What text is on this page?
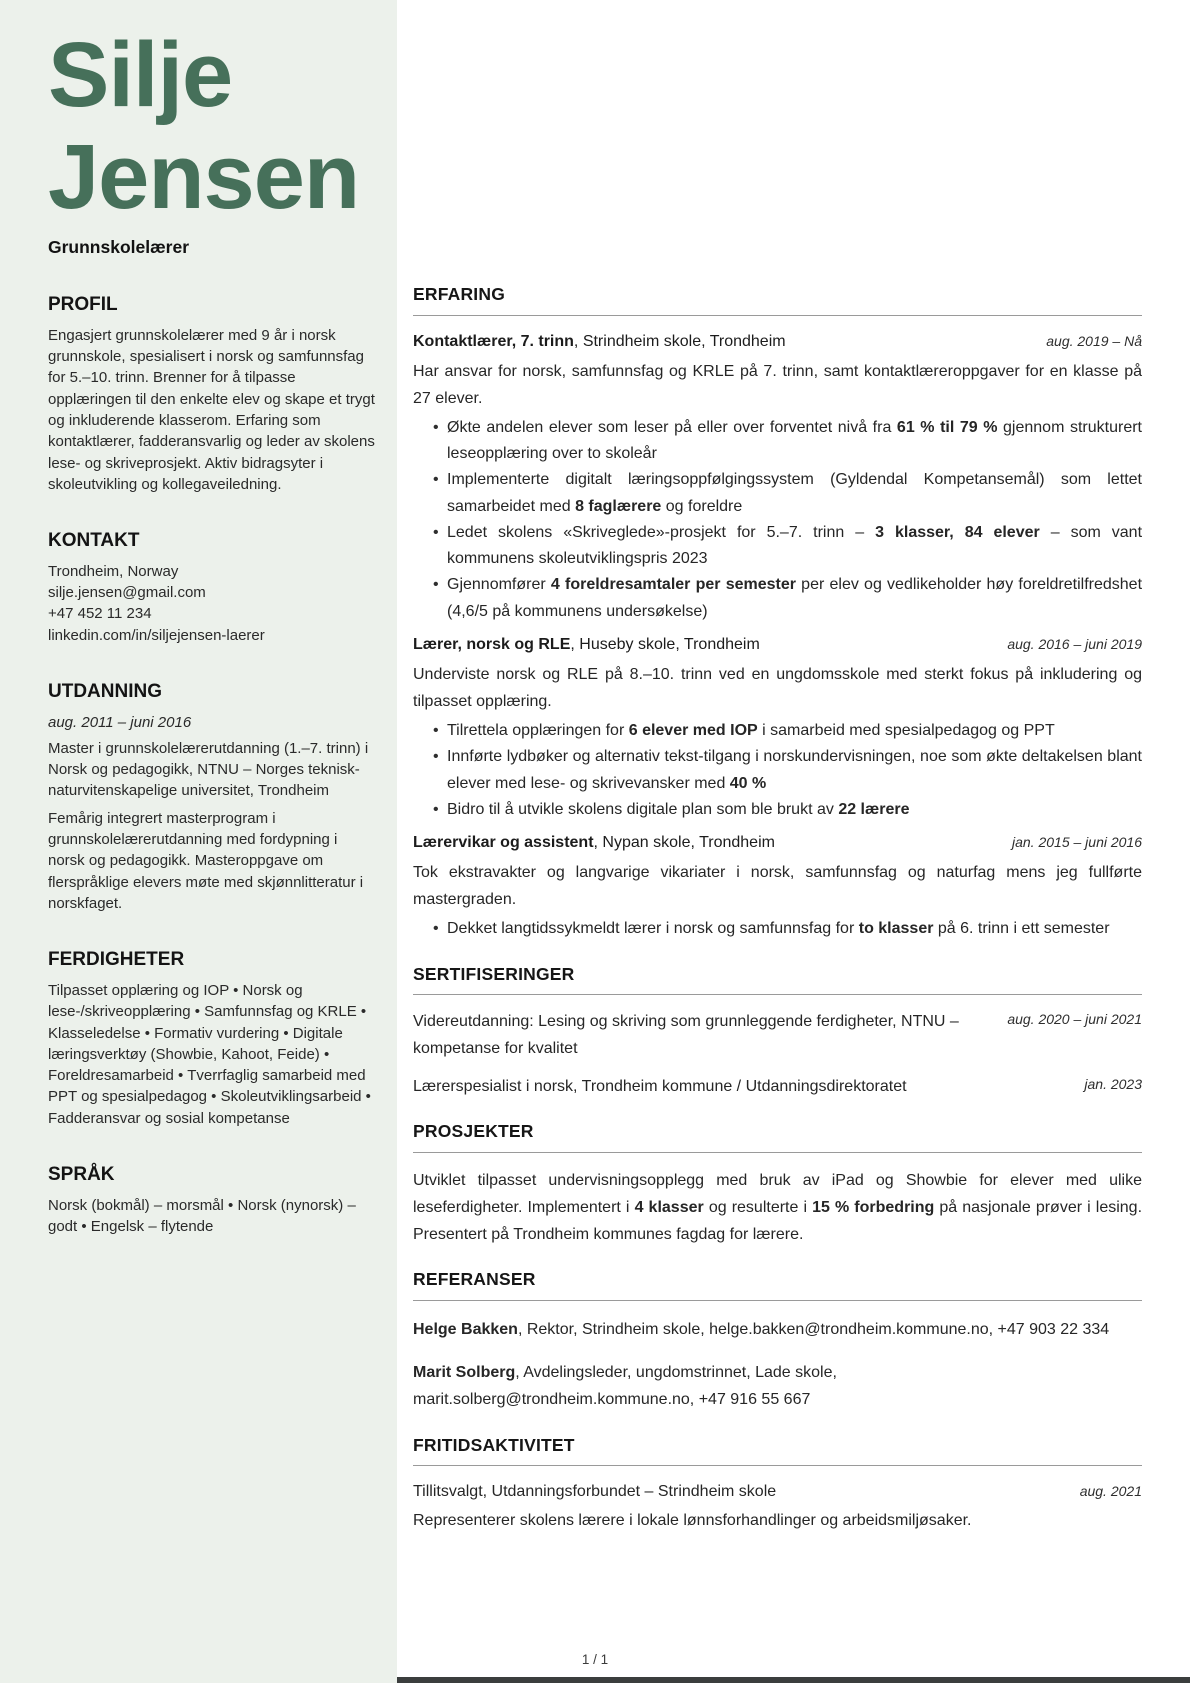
Silje
Jensen

Grunnskolelærer

PROFIL

Engasjert grunnskolelærer med 9 år i norsk grunnskole, spesialisert i norsk og samfunnsfag for 5.–10. trinn. Brenner for å tilpasse opplæringen til den enkelte elev og skape et trygt og inkluderende klasserom. Erfaring som kontaktlærer, fadderansvarlig og leder av skolens lese- og skriveprosjekt. Aktiv bidragsyter i skoleutvikling og kollegaveiledning.

KONTAKT

Trondheim, Norway

silje.jensen@gmail.com

+47 452 11 234

linkedin.com/in/siljejensen-laerer

UTDANNING

aug. 2011 – juni 2016

Master i grunnskolelærerutdanning (1.–7. trinn) i Norsk og pedagogikk, NTNU – Norges teknisk-naturvitenskapelige universitet, Trondheim

Femårig integrert masterprogram i grunnskolelærerutdanning med fordypning i norsk og pedagogikk. Masteroppgave om flerspråklige elevers møte med skjønnlitteratur i norskfaget.

FERDIGHETER

Tilpasset opplæring og IOP • Norsk og lese-/skriveopplæring • Samfunnsfag og KRLE • Klasseledelse • Formativ vurdering • Digitale læringsverktøy (Showbie, Kahoot, Feide) • Foreldresamarbeid • Tverrfaglig samarbeid med PPT og spesialpedagog • Skoleutviklingsarbeid • Fadderansvar og sosial kompetanse

SPRÅK

Norsk (bokmål) – morsmål • Norsk (nynorsk) – godt • Engelsk – flytende

ERFARING
Kontaktlærer, 7. trinn, Strindheim skole, Trondheim	aug. 2019 – Nå

Har ansvar for norsk, samfunnsfag og KRLE på 7. trinn, samt kontaktlæreroppgaver for en klasse på 27 elever.

• Økte andelen elever som leser på eller over forventet nivå fra 61 % til 79 % gjennom strukturert leseopplæring over to skoleår
• Implementerte digitalt læringsoppfølgingssystem (Gyldendal Kompetansemål) som lettet samarbeidet med 8 faglærere og foreldre
• Ledet skolens «Skriveglede»-prosjekt for 5.–7. trinn – 3 klasser, 84 elever – som vant kommunens skoleutviklingspris 2023
• Gjennomfører 4 foreldresamtaler per semester per elev og vedlikeholder høy foreldretilfredshet (4,6/5 på kommunens undersøkelse)
Lærer, norsk og RLE, Huseby skole, Trondheim	aug. 2016 – juni 2019

Underviste norsk og RLE på 8.–10. trinn ved en ungdomsskole med sterkt fokus på inkludering og tilpasset opplæring.

• Tilrettela opplæringen for 6 elever med IOP i samarbeid med spesialpedagog og PPT
• Innførte lydbøker og alternativ tekst-tilgang i norskundervisningen, noe som økte deltakelsen blant elever med lese- og skrivevansker med 40 %
• Bidro til å utvikle skolens digitale plan som ble brukt av 22 lærere
Lærervikar og assistent, Nypan skole, Trondheim	jan. 2015 – juni 2016

Tok ekstravakter og langvarige vikariater i norsk, samfunnsfag og naturfag mens jeg fullførte mastergraden.

• Dekket langtidssykmeldt lærer i norsk og samfunnsfag for to klasser på 6. trinn i ett semester
SERTIFISERINGER
Videreutdanning: Lesing og skriving som grunnleggende ferdigheter, NTNU – kompetanse for kvalitet
aug. 2020 – juni 2021
Lærerspesialist i norsk, Trondheim kommune / Utdanningsdirektoratet	jan. 2023
PROSJEKTER

Utviklet tilpasset undervisningsopplegg med bruk av iPad og Showbie for elever med ulike leseferdigheter. Implementert i 4 klasser og resulterte i 15 % forbedring på nasjonale prøver i lesing. Presentert på Trondheim kommunes fagdag for lærere.

REFERANSER

Helge Bakken, Rektor, Strindheim skole, helge.bakken@trondheim.kommune.no, +47 903 22 334

Marit Solberg, Avdelingsleder, ungdomstrinnet, Lade skole, marit.solberg@trondheim.kommune.no, +47 916 55 667

FRITIDSAKTIVITET
Tillitsvalgt, Utdanningsforbundet – Strindheim skole	aug. 2021

Representerer skolens lærere i lokale lønnsforhandlinger og arbeidsmiljøsaker.

1 / 1
